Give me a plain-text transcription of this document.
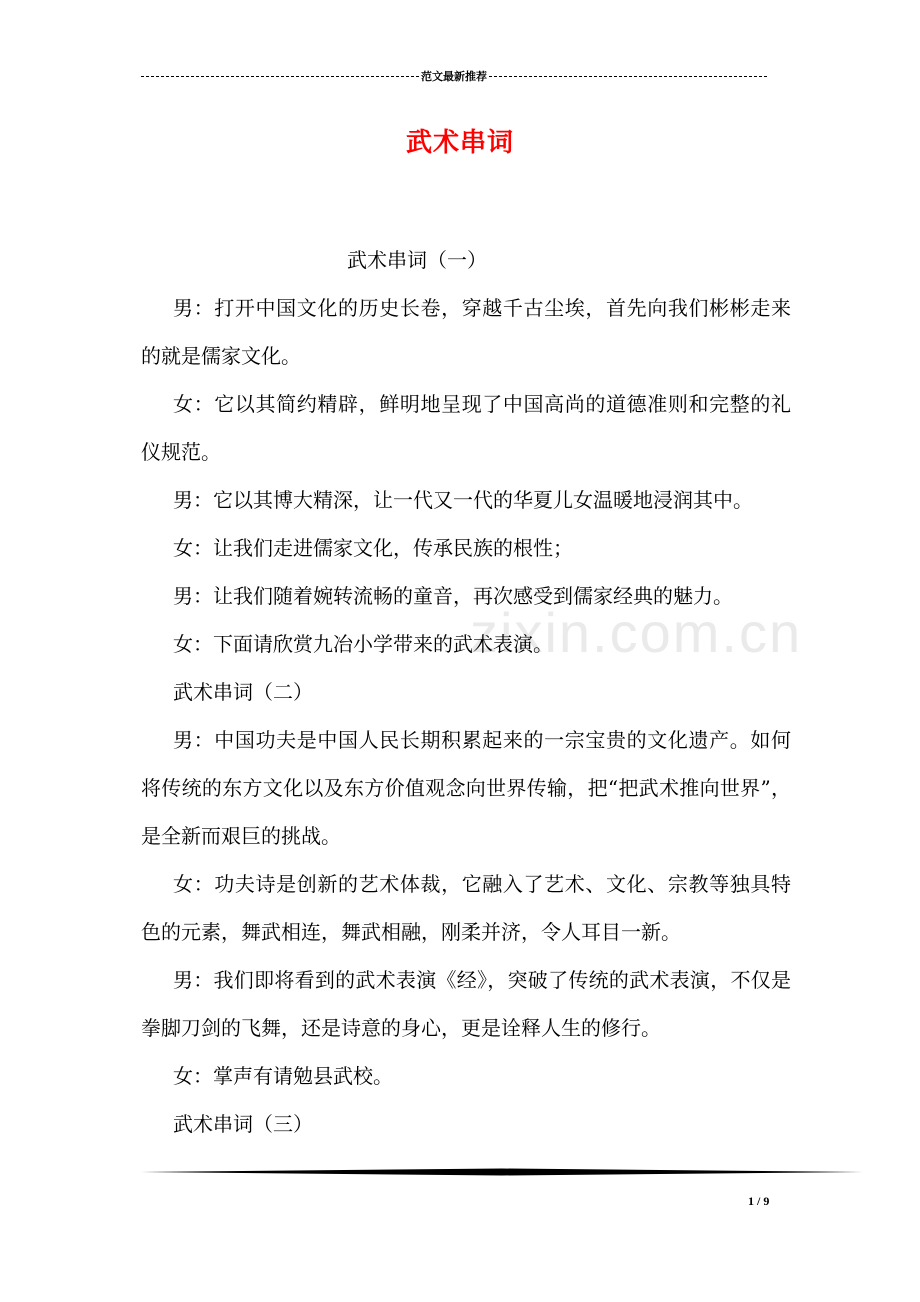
范文最新推荐
武术串词
zixin.com.cn

武术串词（一）

男：打开中国文化的历史长卷，穿越千古尘埃，首先向我们彬彬走来的就是儒家文化。

女：它以其简约精辟，鲜明地呈现了中国高尚的道德准则和完整的礼仪规范。

男：它以其博大精深，让一代又一代的华夏儿女温暖地浸润其中。

女：让我们走进儒家文化，传承民族的根性；

男：让我们随着婉转流畅的童音，再次感受到儒家经典的魅力。

女：下面请欣赏九冶小学带来的武术表演。

武术串词（二）

男：中国功夫是中国人民长期积累起来的一宗宝贵的文化遗产。如何将传统的东方文化以及东方价值观念向世界传输，把“把武术推向世界”，是全新而艰巨的挑战。

女：功夫诗是创新的艺术体裁，它融入了艺术、文化、宗教等独具特色的元素，舞武相连，舞武相融，刚柔并济，令人耳目一新。

男：我们即将看到的武术表演《经》，突破了传统的武术表演，不仅是拳脚刀剑的飞舞，还是诗意的身心，更是诠释人生的修行。

女：掌声有请勉县武校。

武术串词（三）

1 / 9
